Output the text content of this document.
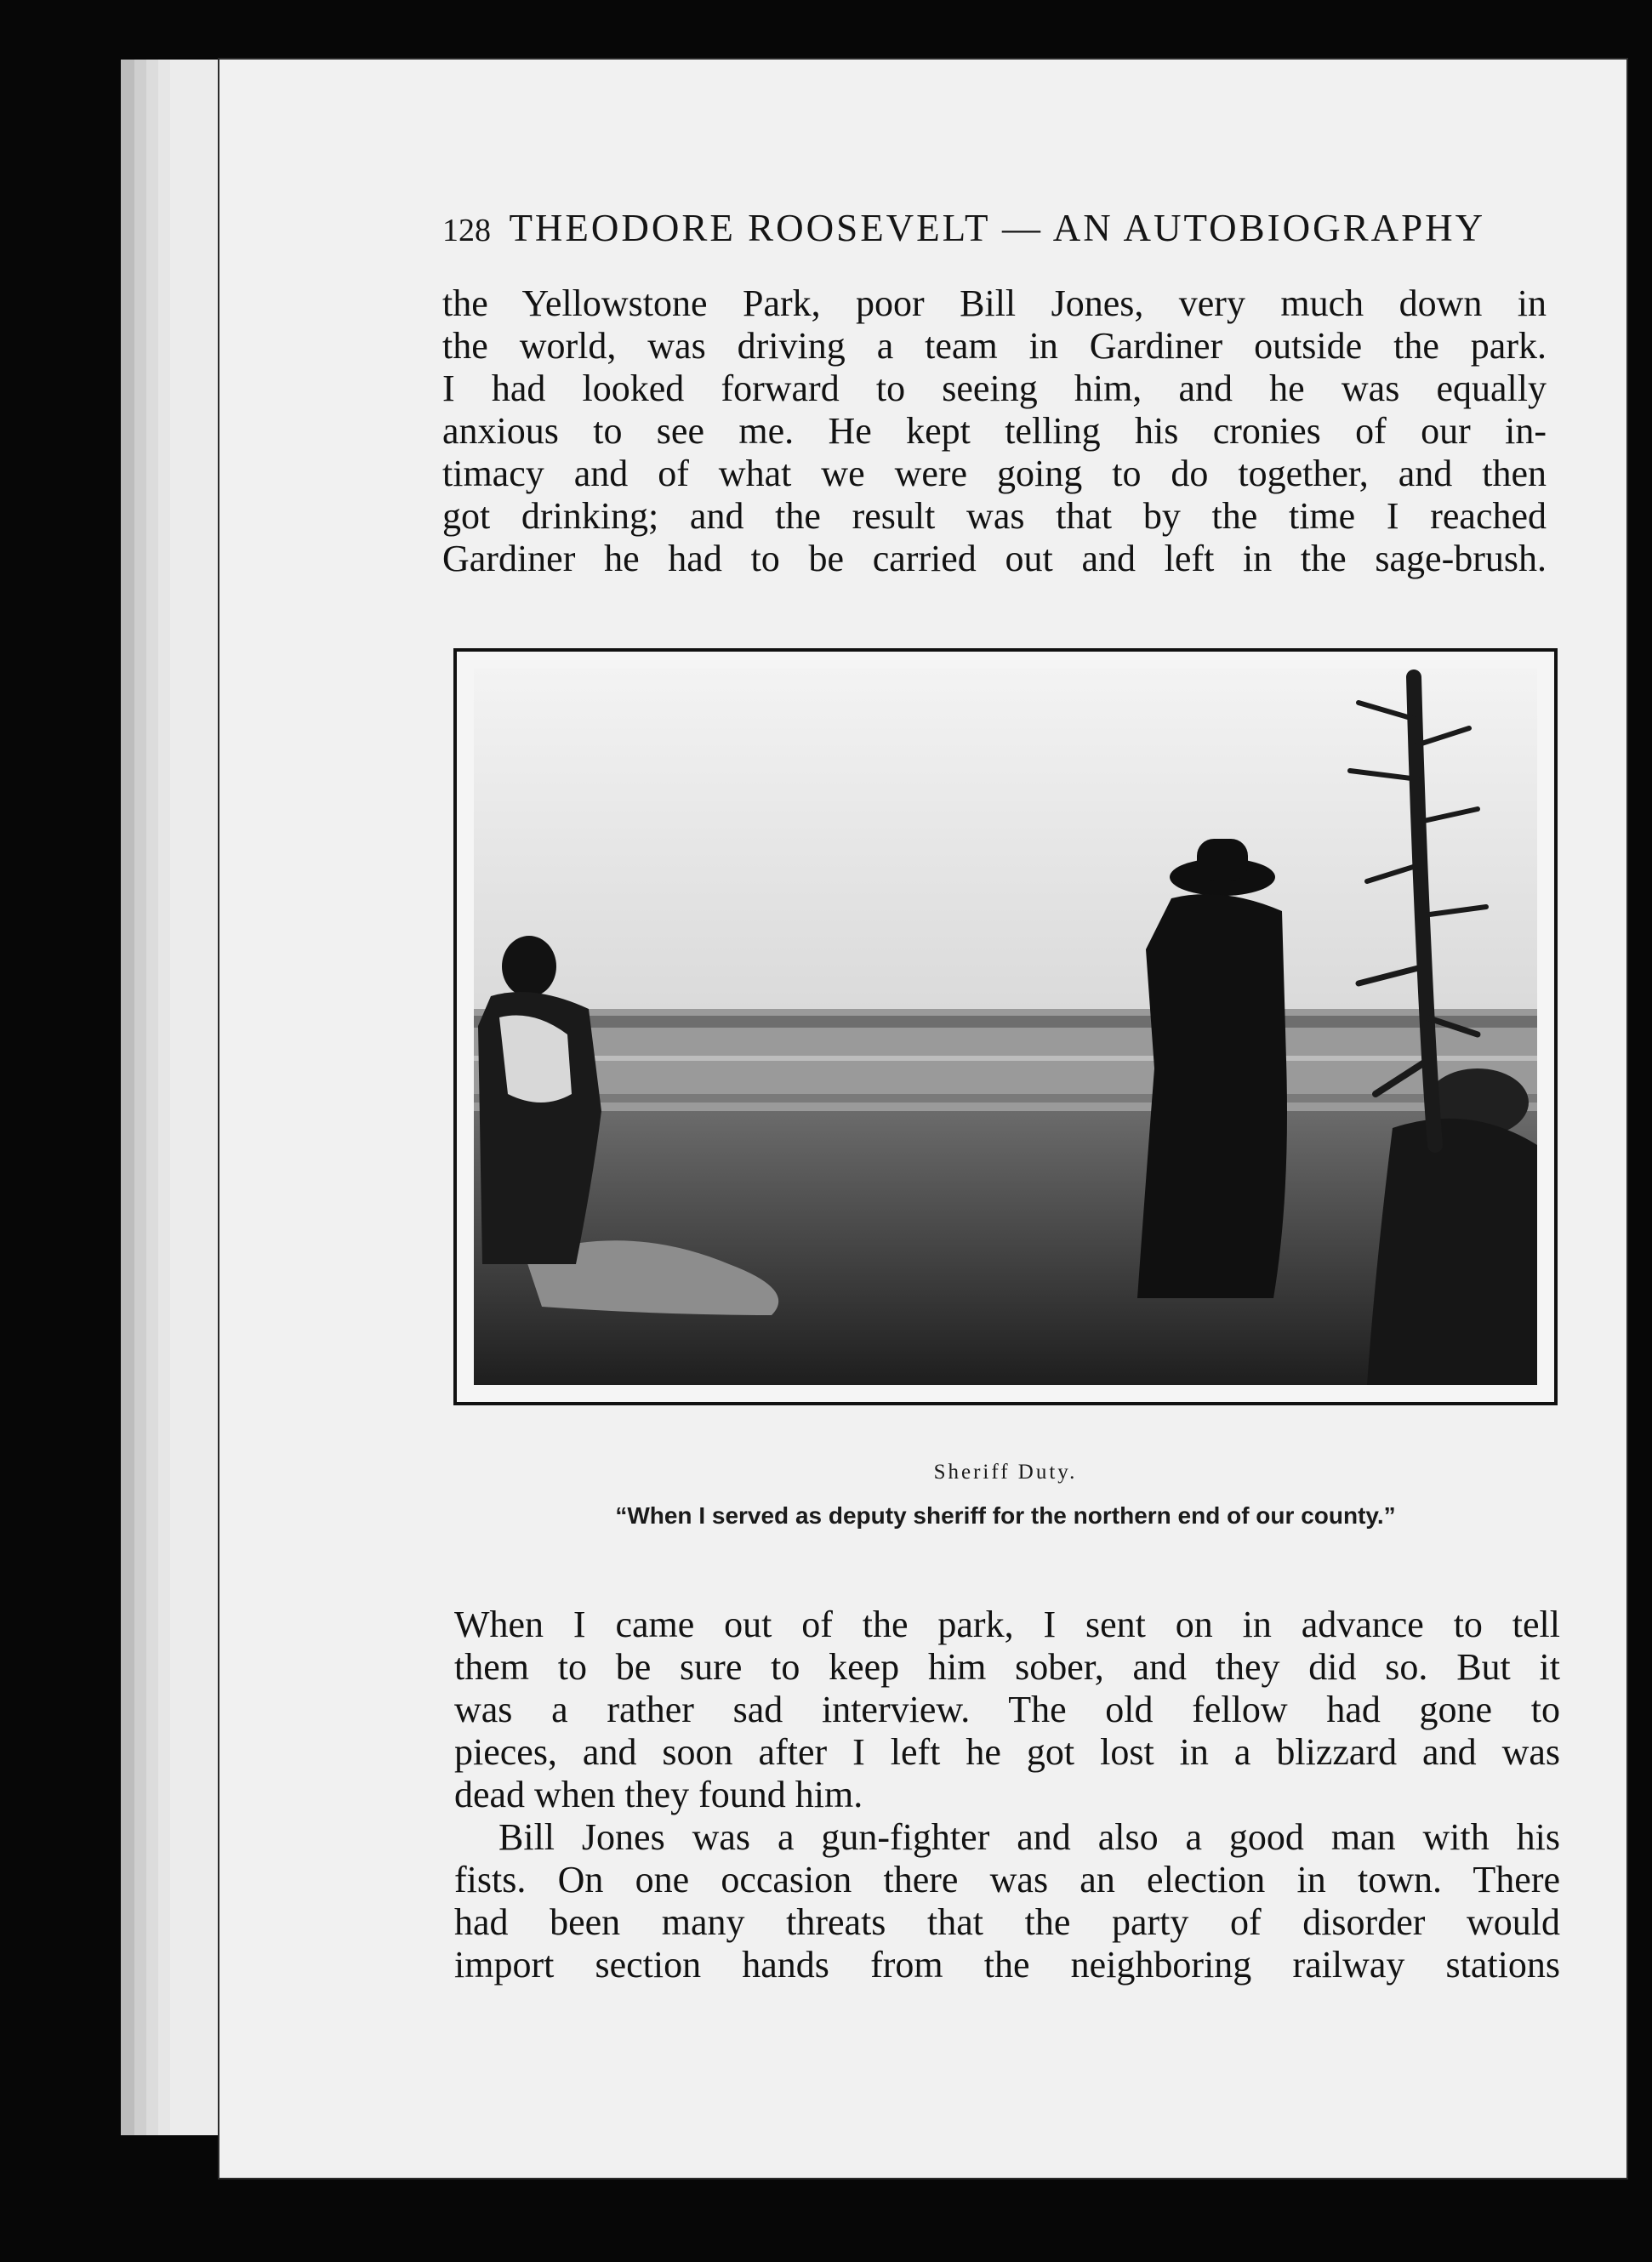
128 THEODORE ROOSEVELT — AN AUTOBIOGRAPHY
the Yellowstone Park, poor Bill Jones, very much down in
the world, was driving a team in Gardiner outside the park.
I had looked forward to seeing him, and he was equally
anxious to see me. He kept telling his cronies of our in-
timacy and of what we were going to do together, and then
got drinking; and the result was that by the time I reached
Gardiner he had to be carried out and left in the sage-brush.
Sheriff Duty.
“When I served as deputy sheriff for the northern end of our county.”
When I came out of the park, I sent on in advance to tell
them to be sure to keep him sober, and they did so. But it
was a rather sad interview. The old fellow had gone to
pieces, and soon after I left he got lost in a blizzard and was
dead when they found him.
Bill Jones was a gun-fighter and also a good man with his
fists. On one occasion there was an election in town. There
had been many threats that the party of disorder would
import section hands from the neighboring railway stations
